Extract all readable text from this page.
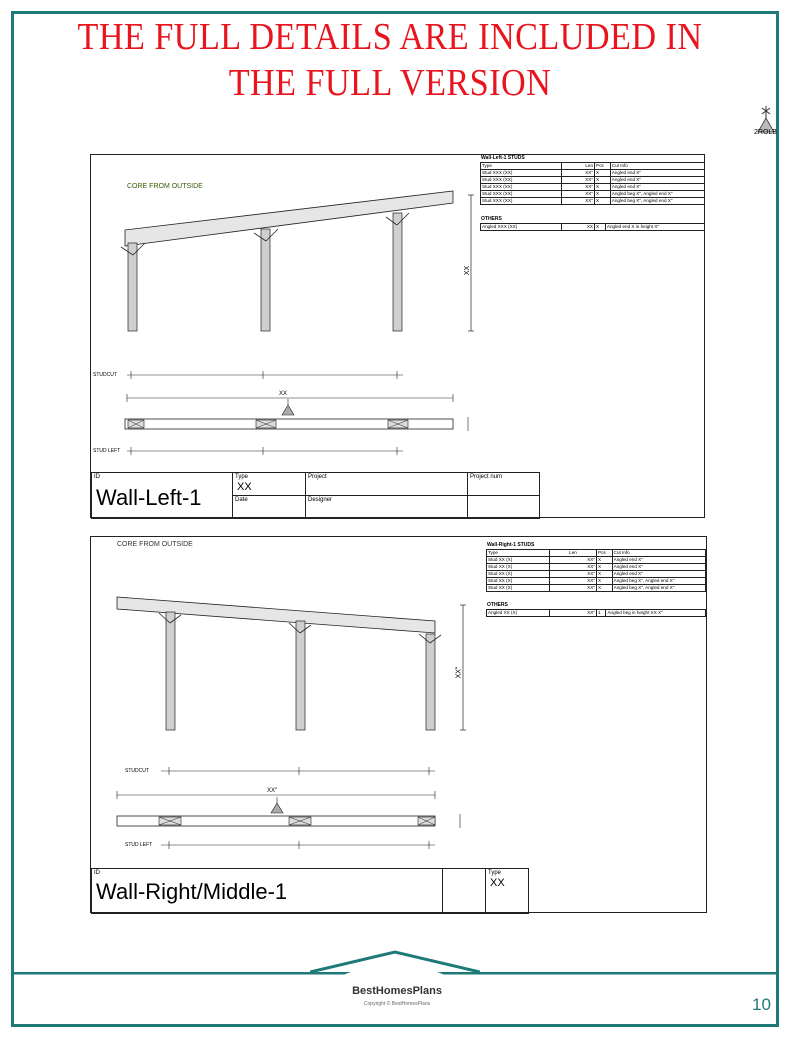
THE FULL DETAILS ARE INCLUDED IN
THE FULL VERSION
2ROLB
CORE FROM OUTSIDE
XX
STUDCUT
XX
STUD LEFT
Wall-Left-1 STUDS
Type	Len	Pcs	Cut Info
Stud XXX (XX)	XX"	X	Angled end X"
Stud XXX (XX)	XX"	X	Angled end X"
Stud XXX (XX)	XX"	X	Angled end X"
Stud XXX (XX)	XX"	X	Angled beg X", Angled end X"
Stud XXX (XX)	XX"	X	Angled beg X", Angled end X"
OTHERS
Angled XXX (XX)	XX	X	Angled end X in height X"
ID
Wall-Left-1
Type
XX
Date
Project
Designer
Project num
CORE FROM OUTSIDE
XX"
STUDCUT
XX"
STUD LEFT
Wall-Right-1 STUDS
Type	Len	Pcs	Cut Info
Stud XX (X)	XX"	X	Angled end X"
Stud XX (X)	XX"	X	Angled end X"
Stud XX (X)	XX"	X	Angled end X"
Stud XX (X)	XX"	X	Angled beg X", Angled end X"
Stud XX (X)	XX"	X	Angled beg X", Angled end X"
OTHERS
Angled XX (X)	XX"	1	Angled beg in height XX X"
ID
Wall-Right/Middle-1
Type
XX
BestHomesPlans
Copyright © BestHomesPlans	10
